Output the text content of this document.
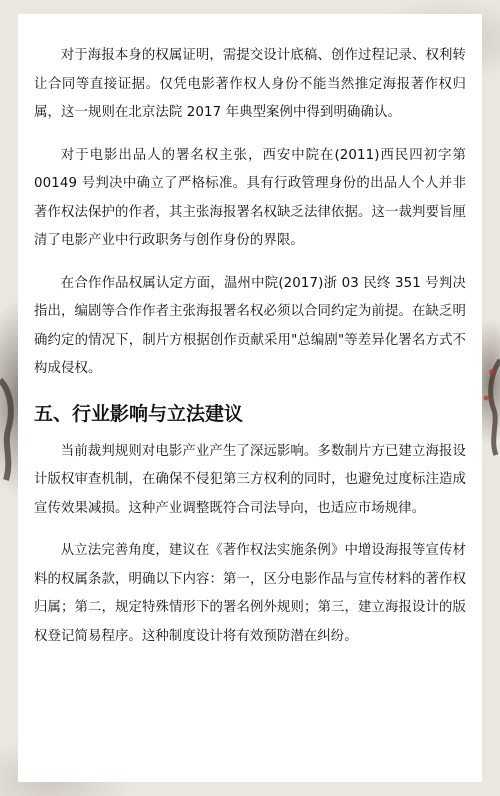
对于海报本身的权属证明，需提交设计底稿、创作过程记录、权利转让合同等直接证据。仅凭电影著作权人身份不能当然推定海报著作权归属，这一规则在北京法院 2017 年典型案例中得到明确确认。

对于电影出品人的署名权主张，西安中院在(2011)西民四初字第 00149 号判决中确立了严格标准。具有行政管理身份的出品人个人并非著作权法保护的作者，其主张海报署名权缺乏法律依据。这一裁判要旨厘清了电影产业中行政职务与创作身份的界限。

在合作作品权属认定方面，温州中院(2017)浙 03 民终 351 号判决指出，编剧等合作作者主张海报署名权必须以合同约定为前提。在缺乏明确约定的情况下，制片方根据创作贡献采用"总编剧"等差异化署名方式不构成侵权。

五、行业影响与立法建议

当前裁判规则对电影产业产生了深远影响。多数制片方已建立海报设计版权审查机制，在确保不侵犯第三方权利的同时，也避免过度标注造成宣传效果减损。这种产业调整既符合司法导向，也适应市场规律。

从立法完善角度，建议在《著作权法实施条例》中增设海报等宣传材料的权属条款，明确以下内容：第一，区分电影作品与宣传材料的著作权归属；第二，规定特殊情形下的署名例外规则；第三，建立海报设计的版权登记简易程序。这种制度设计将有效预防潜在纠纷。
